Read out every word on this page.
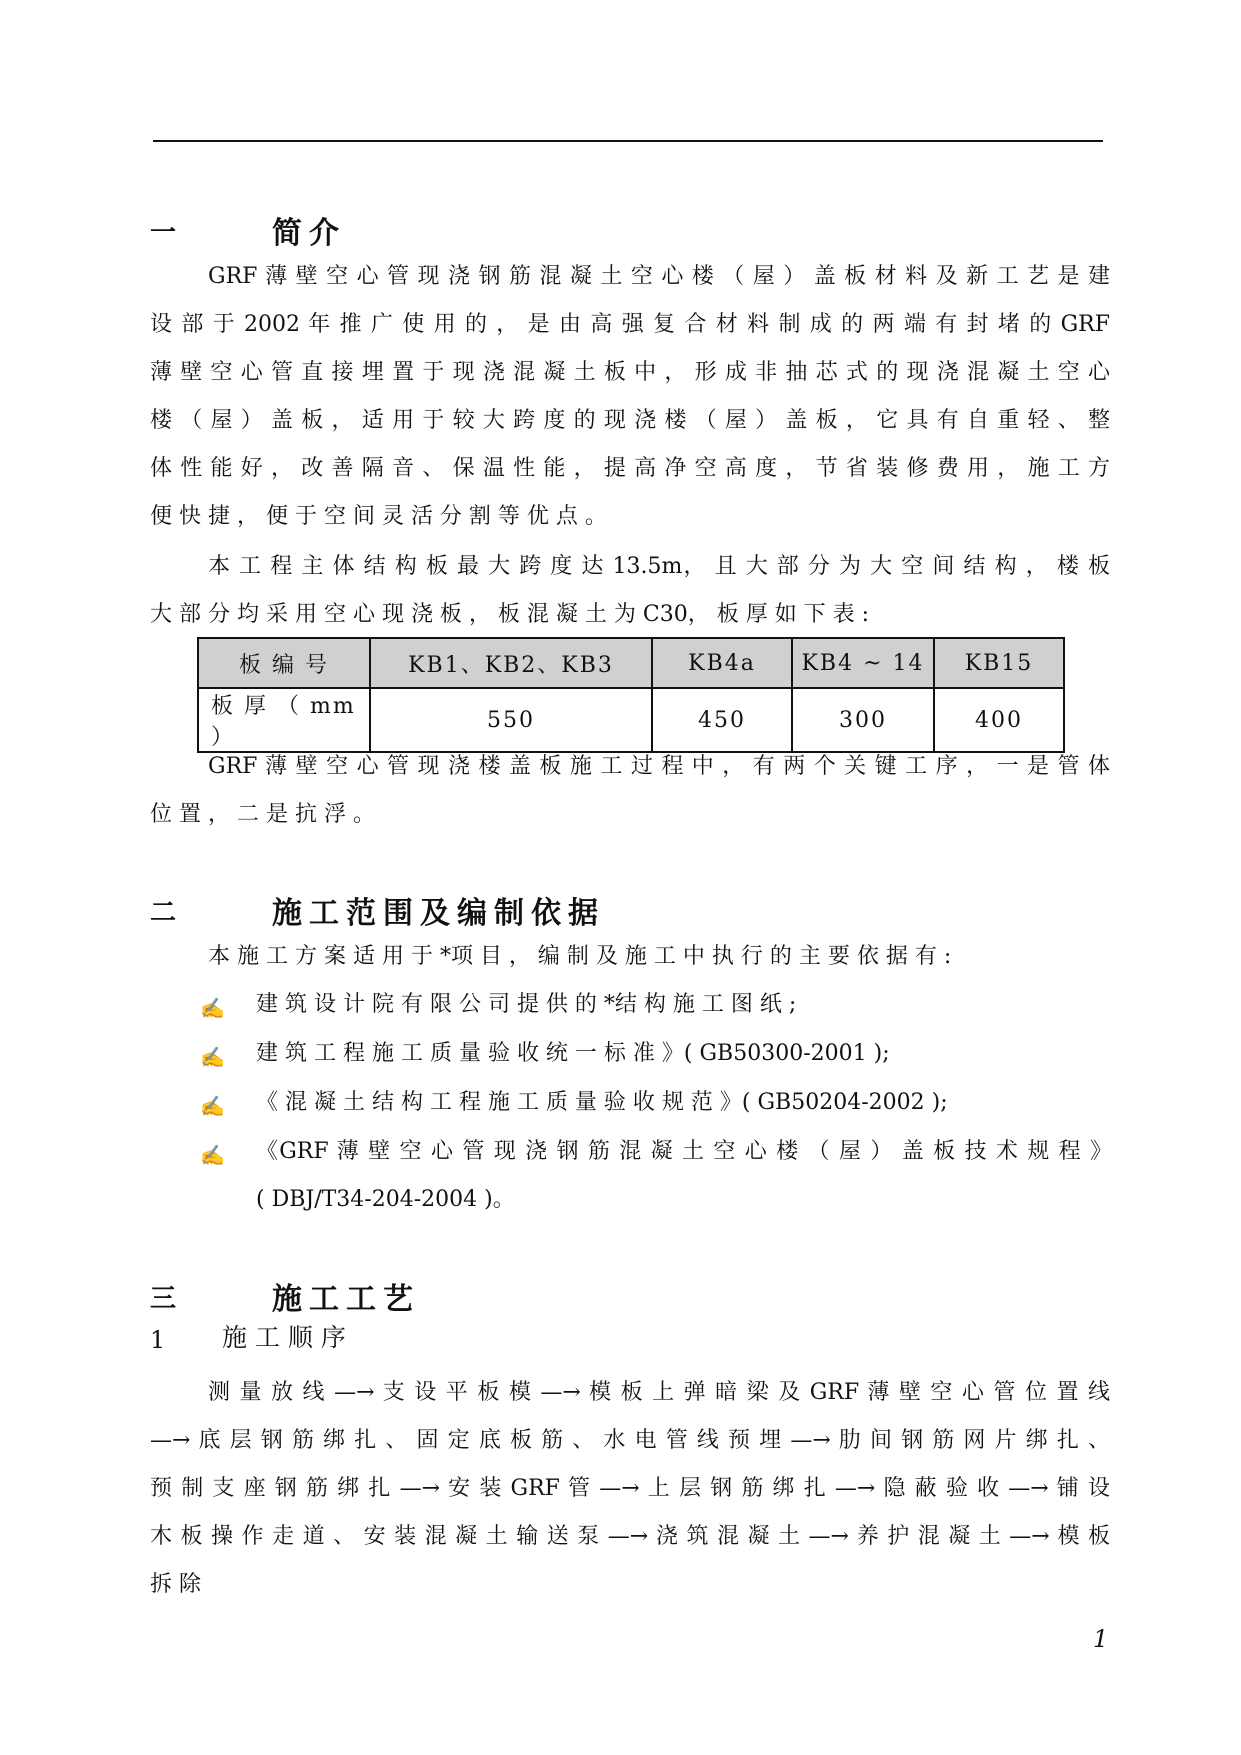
一	简介
GRF 薄 壁 空 心 管 现 浇 钢 筋 混 凝 土 空 心 楼 （ 屋 ） 盖 板 材 料 及 新 工 艺 是 建
设 部 于 2002 年 推 广 使 用 的 ， 是 由 高 强 复 合 材 料 制 成 的 两 端 有 封 堵 的 GRF
薄 壁 空 心 管 直 接 埋 置 于 现 浇 混 凝 土 板 中 ， 形 成 非 抽 芯 式 的 现 浇 混 凝 土 空 心
楼 （ 屋 ） 盖 板 ， 适 用 于 较 大 跨 度 的 现 浇 楼 （ 屋 ） 盖 板 ， 它 具 有 自 重 轻 、 整
体 性 能 好 ， 改 善 隔 音 、 保 温 性 能 ， 提 高 净 空 高 度 ， 节 省 装 修 费 用 ， 施 工 方
便 快 捷 ， 便 于 空 间 灵 活 分 割 等 优 点 。
本 工 程 主 体 结 构 板 最 大 跨 度 达 13.5m， 且 大 部 分 为 大 空 间 结 构 ， 楼 板
大 部 分 均 采 用 空 心 现 浇 板 ， 板 混 凝 土 为 C30， 板 厚 如 下 表 :
板 编 号	KB1、KB2、KB3	KB4a	KB4 ~ 14	KB15
板 厚 （ mm ）	550	450	300	400
GRF 薄 壁 空 心 管 现 浇 楼 盖 板 施 工 过 程 中 ， 有 两 个 关 键 工 序 ， 一 是 管 体
位 置 ， 二 是 抗 浮 。
二	施工范围及编制依据
本 施 工 方 案 适 用 于 *项 目 ， 编 制 及 施 工 中 执 行 的 主 要 依 据 有 :
✍ 建 筑 设 计 院 有 限 公 司 提 供 的 *结 构 施 工 图 纸 ;
✍ 建 筑 工 程 施 工 质 量 验 收 统 一 标 准 》( GB50300-2001 );
✍ 《 混 凝 土 结 构 工 程 施 工 质 量 验 收 规 范 》( GB50204-2002 );
✍ 《GRF 薄 壁 空 心 管 现 浇 钢 筋 混 凝 土 空 心 楼 （ 屋 ） 盖 板 技 术 规 程 》
( DBJ/T34-204-2004 )。
三	施工工艺
1	施 工 顺 序
测 量 放 线 —→ 支 设 平 板 模 —→ 模 板 上 弹 暗 梁 及 GRF 薄 壁 空 心 管 位 置 线
—→ 底 层 钢 筋 绑 扎 、 固 定 底 板 筋 、 水 电 管 线 预 埋 —→ 肋 间 钢 筋 网 片 绑 扎 、
预 制 支 座 钢 筋 绑 扎 —→ 安 装 GRF 管 —→ 上 层 钢 筋 绑 扎 —→ 隐 蔽 验 收 —→ 铺 设
木 板 操 作 走 道 、 安 装 混 凝 土 输 送 泵 —→ 浇 筑 混 凝 土 —→ 养 护 混 凝 土 —→ 模 板
拆 除
1
